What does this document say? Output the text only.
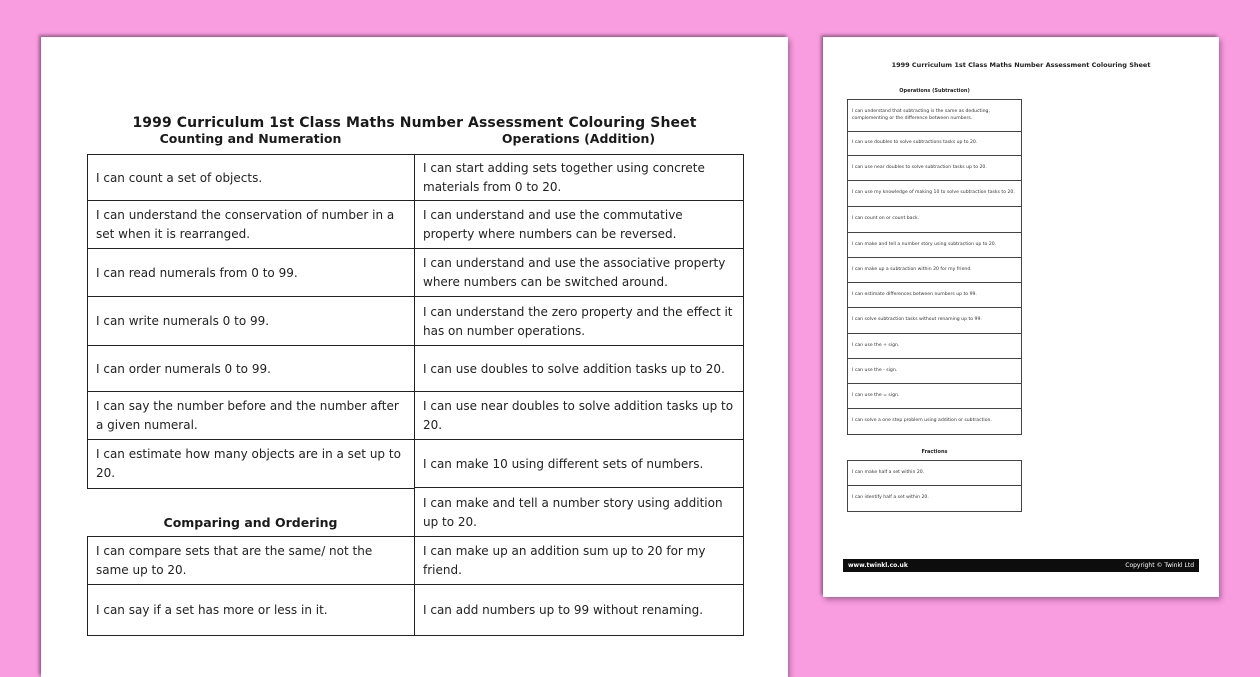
1999 Curriculum 1st Class Maths Number Assessment Colouring Sheet
Counting and Numeration	Operations (Addition)
I can count a set of objects.
I can understand the conservation of number in a set when it is rearranged.
I can read numerals from 0 to 99.
I can write numerals 0 to 99.
I can order numerals 0 to 99.
I can say the number before and the number after a given numeral.
I can estimate how many objects are in a set up to 20.
Comparing and Ordering
I can compare sets that are the same/ not the same up to 20.
I can say if a set has more or less in it.
I can start adding sets together using concrete materials from 0 to 20.
I can understand and use the commutative property where numbers can be reversed.
I can understand and use the associative property where numbers can be switched around.
I can understand the zero property and the effect it has on number operations.
I can use doubles to solve addition tasks up to 20.
I can use near doubles to solve addition tasks up to 20.
I can make 10 using different sets of numbers.
I can make and tell a number story using addition up to 20.
I can make up an addition sum up to 20 for my friend.
I can add numbers up to 99 without renaming.
1999 Curriculum 1st Class Maths Number Assessment Colouring Sheet
Operations (Subtraction)
I can understand that subtracting is the same as deducting, complementing or the difference between numbers.
I can use doubles to solve subtractions tasks up to 20.
I can use near doubles to solve subtraction tasks up to 20.
I can use my knowledge of making 10 to solve subtraction tasks to 20.
I can count on or count back.
I can make and tell a number story using subtraction up to 20.
I can make up a subtraction within 20 for my friend.
I can estimate differences between numbers up to 99.
I can solve subtraction tasks without renaming up to 99.
I can use the + sign.
I can use the - sign.
I can use the = sign.
I can solve a one step problem using addition or subtraction.
Fractions
I can make half a set within 20.
I can identify half a set within 20.
www.twinkl.co.uk	Copyright © Twinkl Ltd
